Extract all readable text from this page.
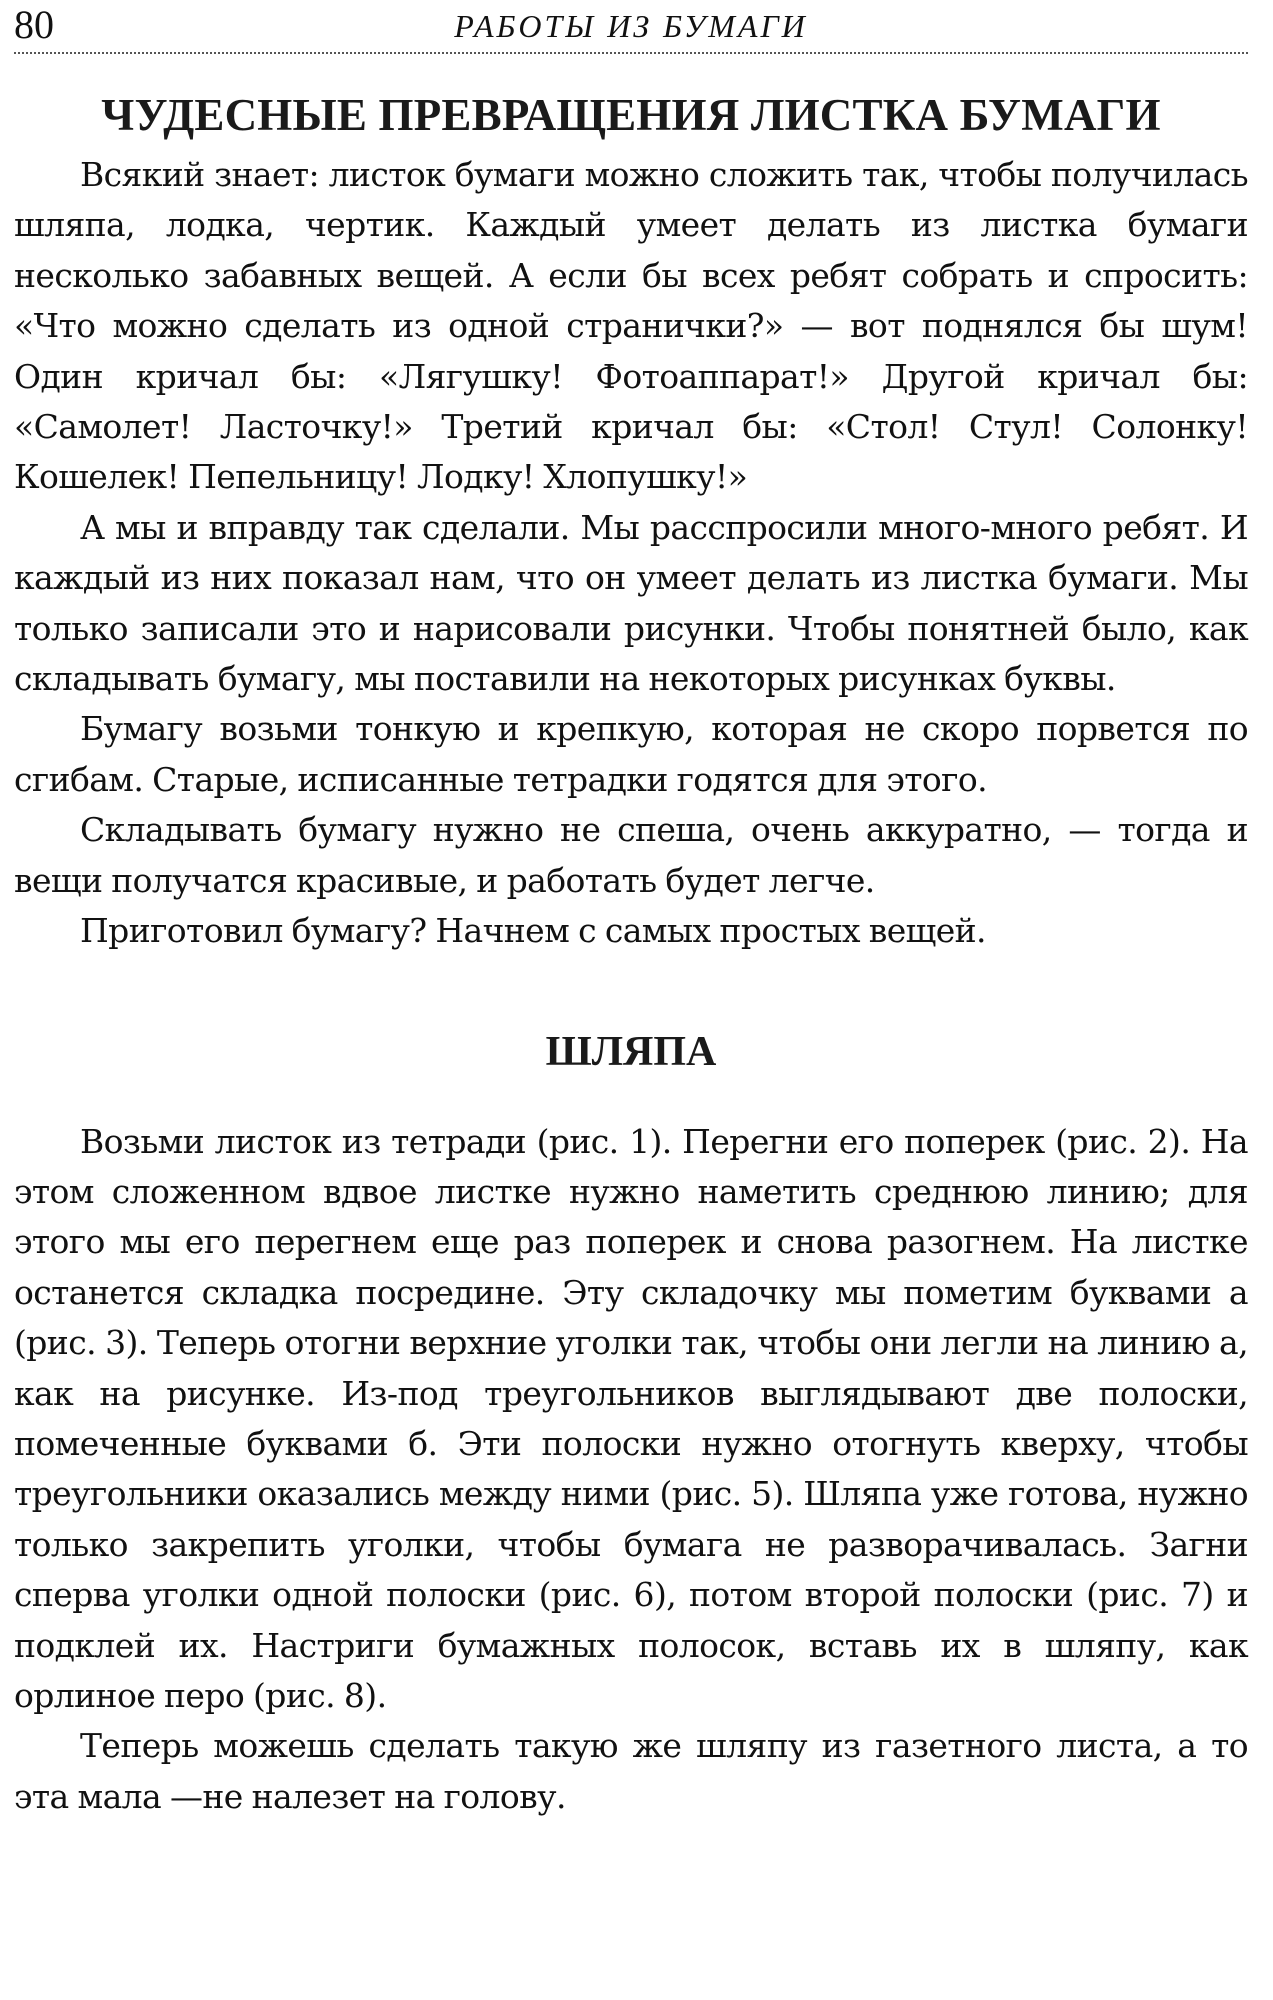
80	РАБОТЫ ИЗ БУМАГИ
ЧУДЕСНЫЕ ПРЕВРАЩЕНИЯ ЛИСТКА БУМАГИ

Всякий знает: листок бумаги можно сложить так, чтобы получилась шляпа, лодка, чертик. Каждый умеет делать из листка бумаги несколько забавных вещей. А если бы всех ребят собрать и спросить: «Что можно сделать из одной странички?» — вот поднялся бы шум! Один кричал бы: «Лягушку! Фотоаппарат!» Другой кричал бы: «Самолет! Ласточку!» Третий кричал бы: «Стол! Стул! Солонку! Кошелек! Пепельницу! Лодку! Хлопушку!»

А мы и вправду так сделали. Мы расспросили много-много ребят. И каждый из них показал нам, что он умеет делать из листка бумаги. Мы только записали это и нарисовали рисунки. Чтобы понятней было, как складывать бумагу, мы поставили на некоторых рисунках буквы.

Бумагу возьми тонкую и крепкую, которая не скоро порвется по сгибам. Старые, исписанные тетрадки годятся для этого.

Складывать бумагу нужно не спеша, очень аккуратно, — тогда и вещи получатся красивые, и работать будет легче.

Приготовил бумагу? Начнем с самых простых вещей.

ШЛЯПА

Возьми листок из тетради (рис. 1). Перегни его поперек (рис. 2). На этом сложенном вдвое листке нужно наметить среднюю линию; для этого мы его перегнем еще раз поперек и снова разогнем. На листке останется складка посредине. Эту складочку мы пометим буквами а (рис. 3). Теперь отогни верхние уголки так, чтобы они легли на линию а, как на рисунке. Из-под треугольников выглядывают две полоски, помеченные буквами б. Эти полоски нужно отогнуть кверху, чтобы треугольники оказались между ними (рис. 5). Шляпа уже готова, нужно только закрепить уголки, чтобы бумага не разворачивалась. Загни сперва уголки одной полоски (рис. 6), потом второй полоски (рис. 7) и подклей их. Настриги бумажных полосок, вставь их в шляпу, как орлиное перо (рис. 8).

Теперь можешь сделать такую же шляпу из газетного листа, а то эта мала —не налезет на голову.
